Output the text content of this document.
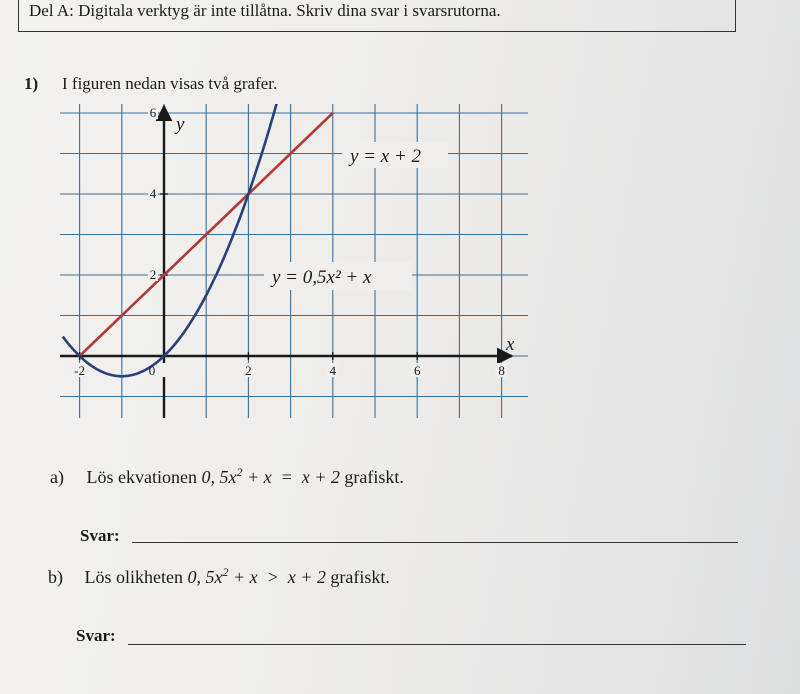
Del A: Digitala verktyg är inte tillåtna. Skriv dina svar i svarsrutorna.
1) I figuren nedan visas två grafer.
-2	0	2	4	6	8
2
4
6
x
y
y = x + 2
y = 0,5x² + x
a) Lös ekvationen 0, $5x^2 + x = x + 2$ grafiskt.
Svar:
b) Lös olikheten 0, $5x^2 + x > x + 2$ grafiskt.
Svar:
